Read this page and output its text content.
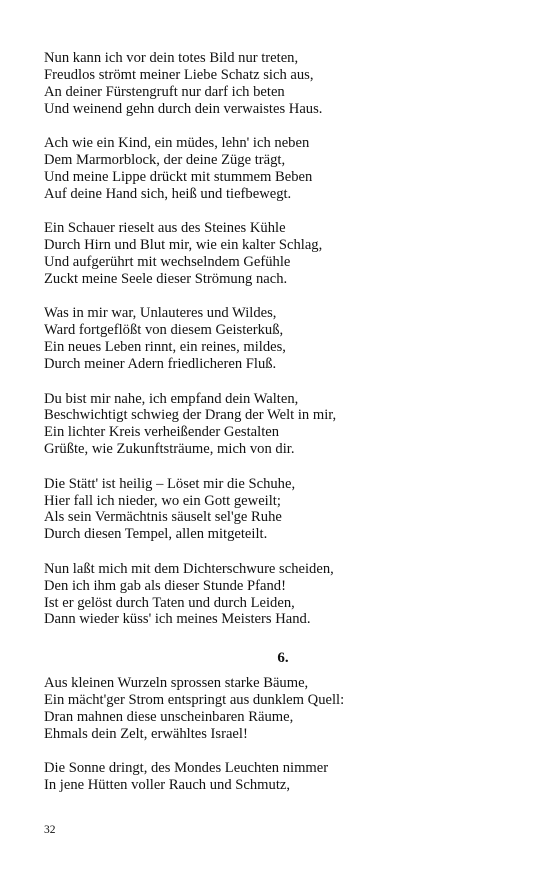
Nun kann ich vor dein totes Bild nur treten,
Freudlos strömt meiner Liebe Schatz sich aus,
An deiner Fürstengruft nur darf ich beten
Und weinend gehn durch dein verwaistes Haus.
Ach wie ein Kind, ein müdes, lehn' ich neben
Dem Marmorblock, der deine Züge trägt,
Und meine Lippe drückt mit stummem Beben
Auf deine Hand sich, heiß und tiefbewegt.
Ein Schauer rieselt aus des Steines Kühle
Durch Hirn und Blut mir, wie ein kalter Schlag,
Und aufgerührt mit wechselndem Gefühle
Zuckt meine Seele dieser Strömung nach.
Was in mir war, Unlauteres und Wildes,
Ward fortgeflößt von diesem Geisterkuß,
Ein neues Leben rinnt, ein reines, mildes,
Durch meiner Adern friedlicheren Fluß.
Du bist mir nahe, ich empfand dein Walten,
Beschwichtigt schwieg der Drang der Welt in mir,
Ein lichter Kreis verheißender Gestalten
Grüßte, wie Zukunftsträume, mich von dir.
Die Stätt' ist heilig – Löset mir die Schuhe,
Hier fall ich nieder, wo ein Gott geweilt;
Als sein Vermächtnis säuselt sel'ge Ruhe
Durch diesen Tempel, allen mitgeteilt.
Nun laßt mich mit dem Dichterschwure scheiden,
Den ich ihm gab als dieser Stunde Pfand!
Ist er gelöst durch Taten und durch Leiden,
Dann wieder küss' ich meines Meisters Hand.
6.
Aus kleinen Wurzeln sprossen starke Bäume,
Ein mächt'ger Strom entspringt aus dunklem Quell:
Dran mahnen diese unscheinbaren Räume,
Ehmals dein Zelt, erwähltes Israel!
Die Sonne dringt, des Mondes Leuchten nimmer
In jene Hütten voller Rauch und Schmutz,
32
